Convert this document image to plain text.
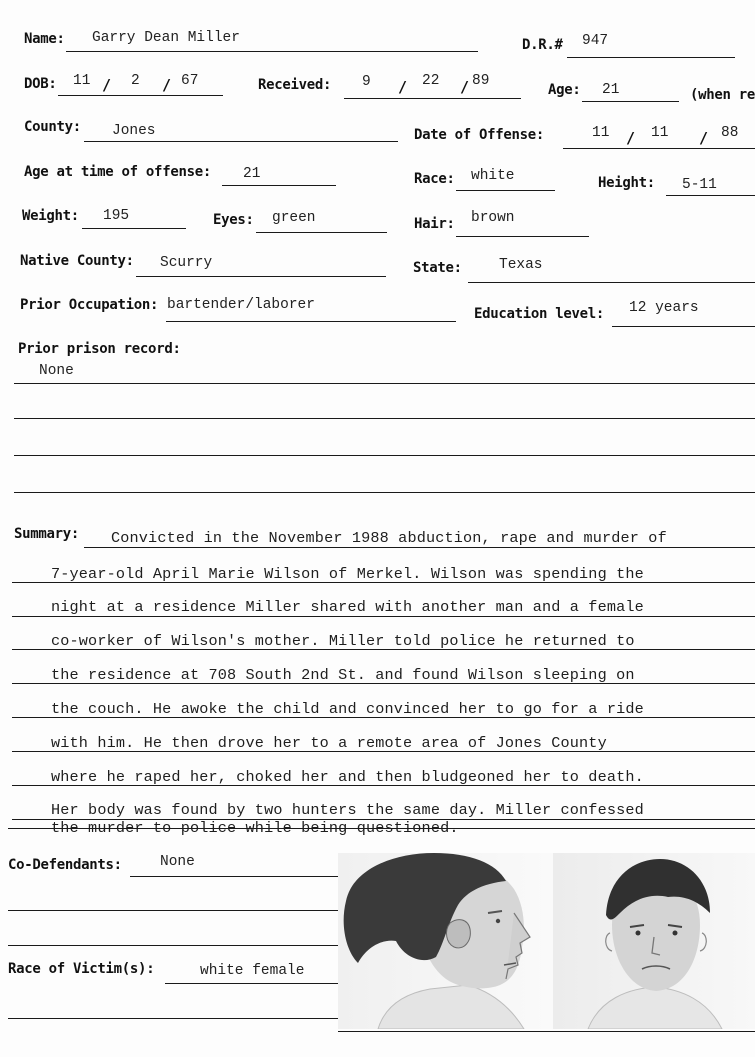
Name: Garry Dean Miller	D.R.# 947
DOB: 11 / 2 / 67	Received: 9 / 22 / 89
Age: 21	(when re
County: Jones	Date of Offense:	11 / 11 / 88
Age at time of offense: 21	Race: white	Height: 5-11
Weight: 195	Eyes: green	Hair: brown
Native County: Scurry	State:	Texas
Prior Occupation: bartender/laborer
Education level: 12 years
Prior prison record:
None
Summary: Convicted in the November 1988 abduction, rape and murder of
7-year-old April Marie Wilson of Merkel. Wilson was spending the
night at a residence Miller shared with another man and a female
co-worker of Wilson's mother. Miller told police he returned to
the residence at 708 South 2nd St. and found Wilson sleeping on
the couch. He awoke the child and convinced her to go for a ride
with him. He then drove her to a remote area of Jones County
where he raped her, choked her and then bludgeoned her to death.
Her body was found by two hunters the same day. Miller confessed
the murder to police while being questioned.
Co-Defendants:	None
Race of Victim(s):	white female
